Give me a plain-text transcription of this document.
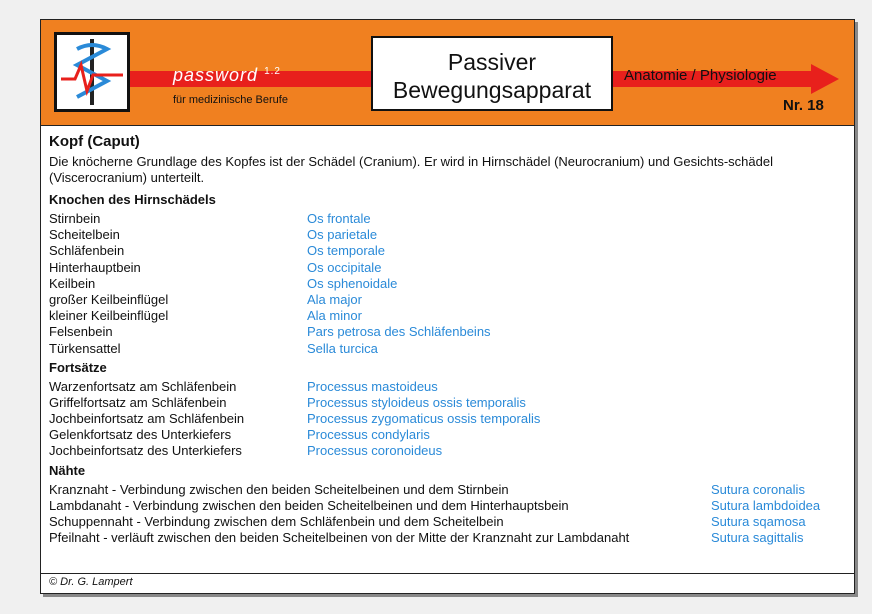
password $^{1.2}$
für medizinische Berufe
Passiver
Bewegungsapparat
Anatomie / Physiologie
Nr. 18
Kopf (Caput)
Die knöcherne Grundlage des Kopfes ist der Schädel (Cranium). Er wird in Hirnschädel (Neurocranium) und Gesichts-schädel (Viscerocranium) unterteilt.
Knochen des Hirnschädels
Stirnbein	Os frontale
Scheitelbein	Os parietale
Schläfenbein	Os temporale
Hinterhauptbein	Os occipitale
Keilbein	Os sphenoidale
großer Keilbeinflügel	Ala major
kleiner Keilbeinflügel	Ala minor
Felsenbein	Pars petrosa des Schläfenbeins
Türkensattel	Sella turcica
Fortsätze
Warzenfortsatz am Schläfenbein	Processus mastoideus
Griffelfortsatz am Schläfenbein	Processus styloideus ossis temporalis
Jochbeinfortsatz am Schläfenbein	Processus zygomaticus ossis temporalis
Gelenkfortsatz des Unterkiefers	Processus condylaris
Jochbeinfortsatz des Unterkiefers	Processus coronoideus
Nähte
Kranznaht - Verbindung zwischen den beiden Scheitelbeinen und dem Stirnbein	Sutura coronalis
Lambdanaht - Verbindung zwischen den beiden Scheitelbeinen und dem Hinterhauptsbein	Sutura lambdoidea
Schuppennaht - Verbindung zwischen dem Schläfenbein und dem Scheitelbein	Sutura sqamosa
Pfeilnaht - verläuft zwischen den beiden Scheitelbeinen von der Mitte der Kranznaht zur Lambdanaht	Sutura sagittalis
© Dr. G. Lampert
